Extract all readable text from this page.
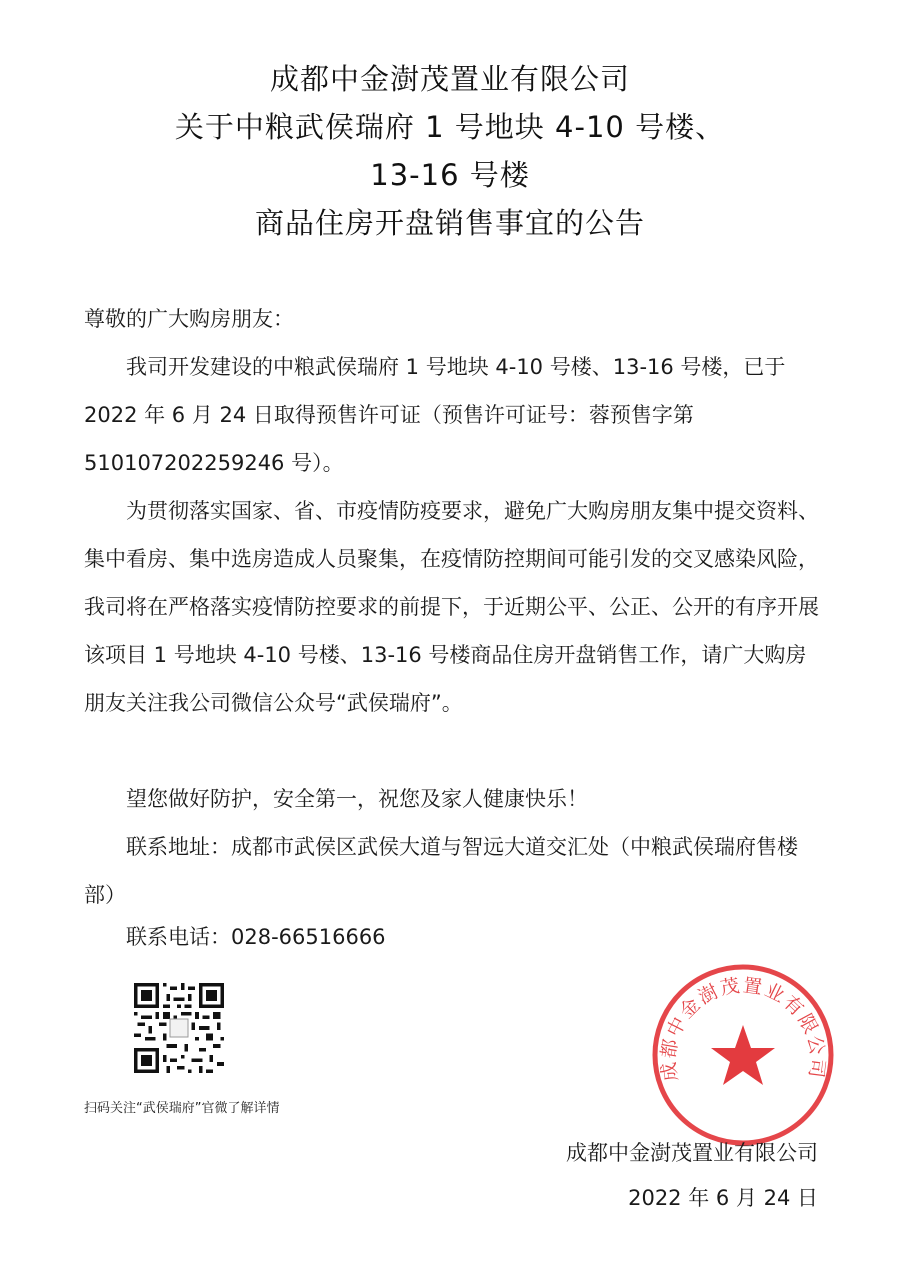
成都中金澍茂置业有限公司
关于中粮武侯瑞府 1 号地块 4-10 号楼、
13-16 号楼
商品住房开盘销售事宜的公告
尊敬的广大购房朋友：
我司开发建设的中粮武侯瑞府 1 号地块 4-10 号楼、13-16 号楼，已于 2022 年 6 月 24 日取得预售许可证（预售许可证号：蓉预售字第 510107202259246 号）。
为贯彻落实国家、省、市疫情防疫要求，避免广大购房朋友集中提交资料、集中看房、集中选房造成人员聚集，在疫情防控期间可能引发的交叉感染风险，我司将在严格落实疫情防控要求的前提下，于近期公平、公正、公开的有序开展该项目 1 号地块 4-10 号楼、13-16 号楼商品住房开盘销售工作，请广大购房朋友关注我公司微信公众号“武侯瑞府”。
望您做好防护，安全第一，祝您及家人健康快乐！
联系地址：成都市武侯区武侯大道与智远大道交汇处（中粮武侯瑞府售楼部）
联系电话：028-66516666
扫码关注“武侯瑞府”官微了解详情
成都中金澍茂置业有限公司
成都中金澍茂置业有限公司
2022 年 6 月 24 日
